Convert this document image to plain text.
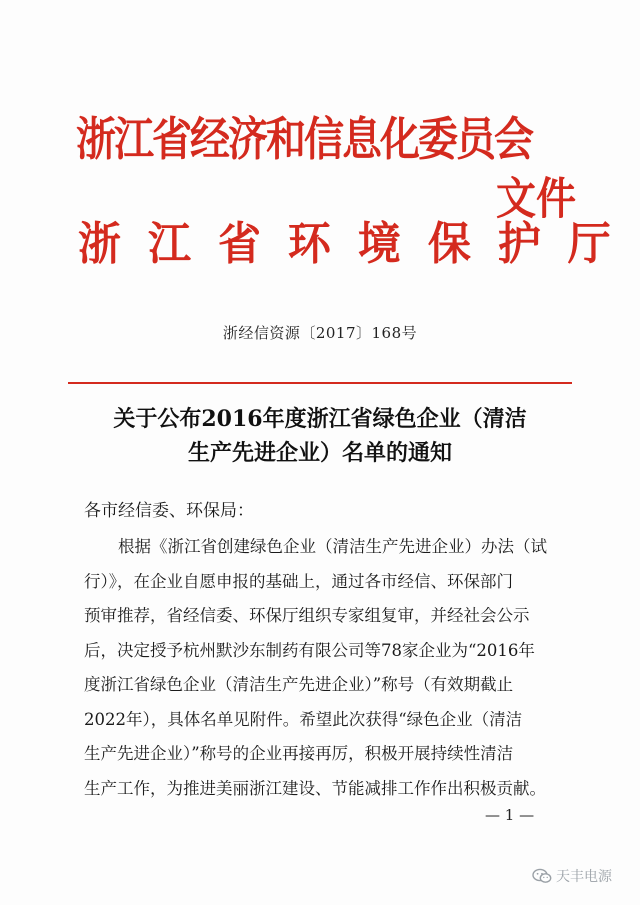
浙江省经济和信息化委员会
文件
浙 江 省 环 境 保 护 厅
浙经信资源〔2017〕168号
关于公布2016年度浙江省绿色企业（清洁
生产先进企业）名单的通知
各市经信委、环保局：
根据《浙江省创建绿色企业（清洁生产先进企业）办法（试
行）》，在企业自愿申报的基础上，通过各市经信、环保部门
预审推荐，省经信委、环保厅组织专家组复审，并经社会公示
后，决定授予杭州默沙东制药有限公司等78家企业为“2016年
度浙江省绿色企业（清洁生产先进企业）”称号（有效期截止
2022年），具体名单见附件。希望此次获得“绿色企业（清洁
生产先进企业）”称号的企业再接再厉，积极开展持续性清洁
生产工作，为推进美丽浙江建设、节能减排工作作出积极贡献。
— 1 —
天丰电源
